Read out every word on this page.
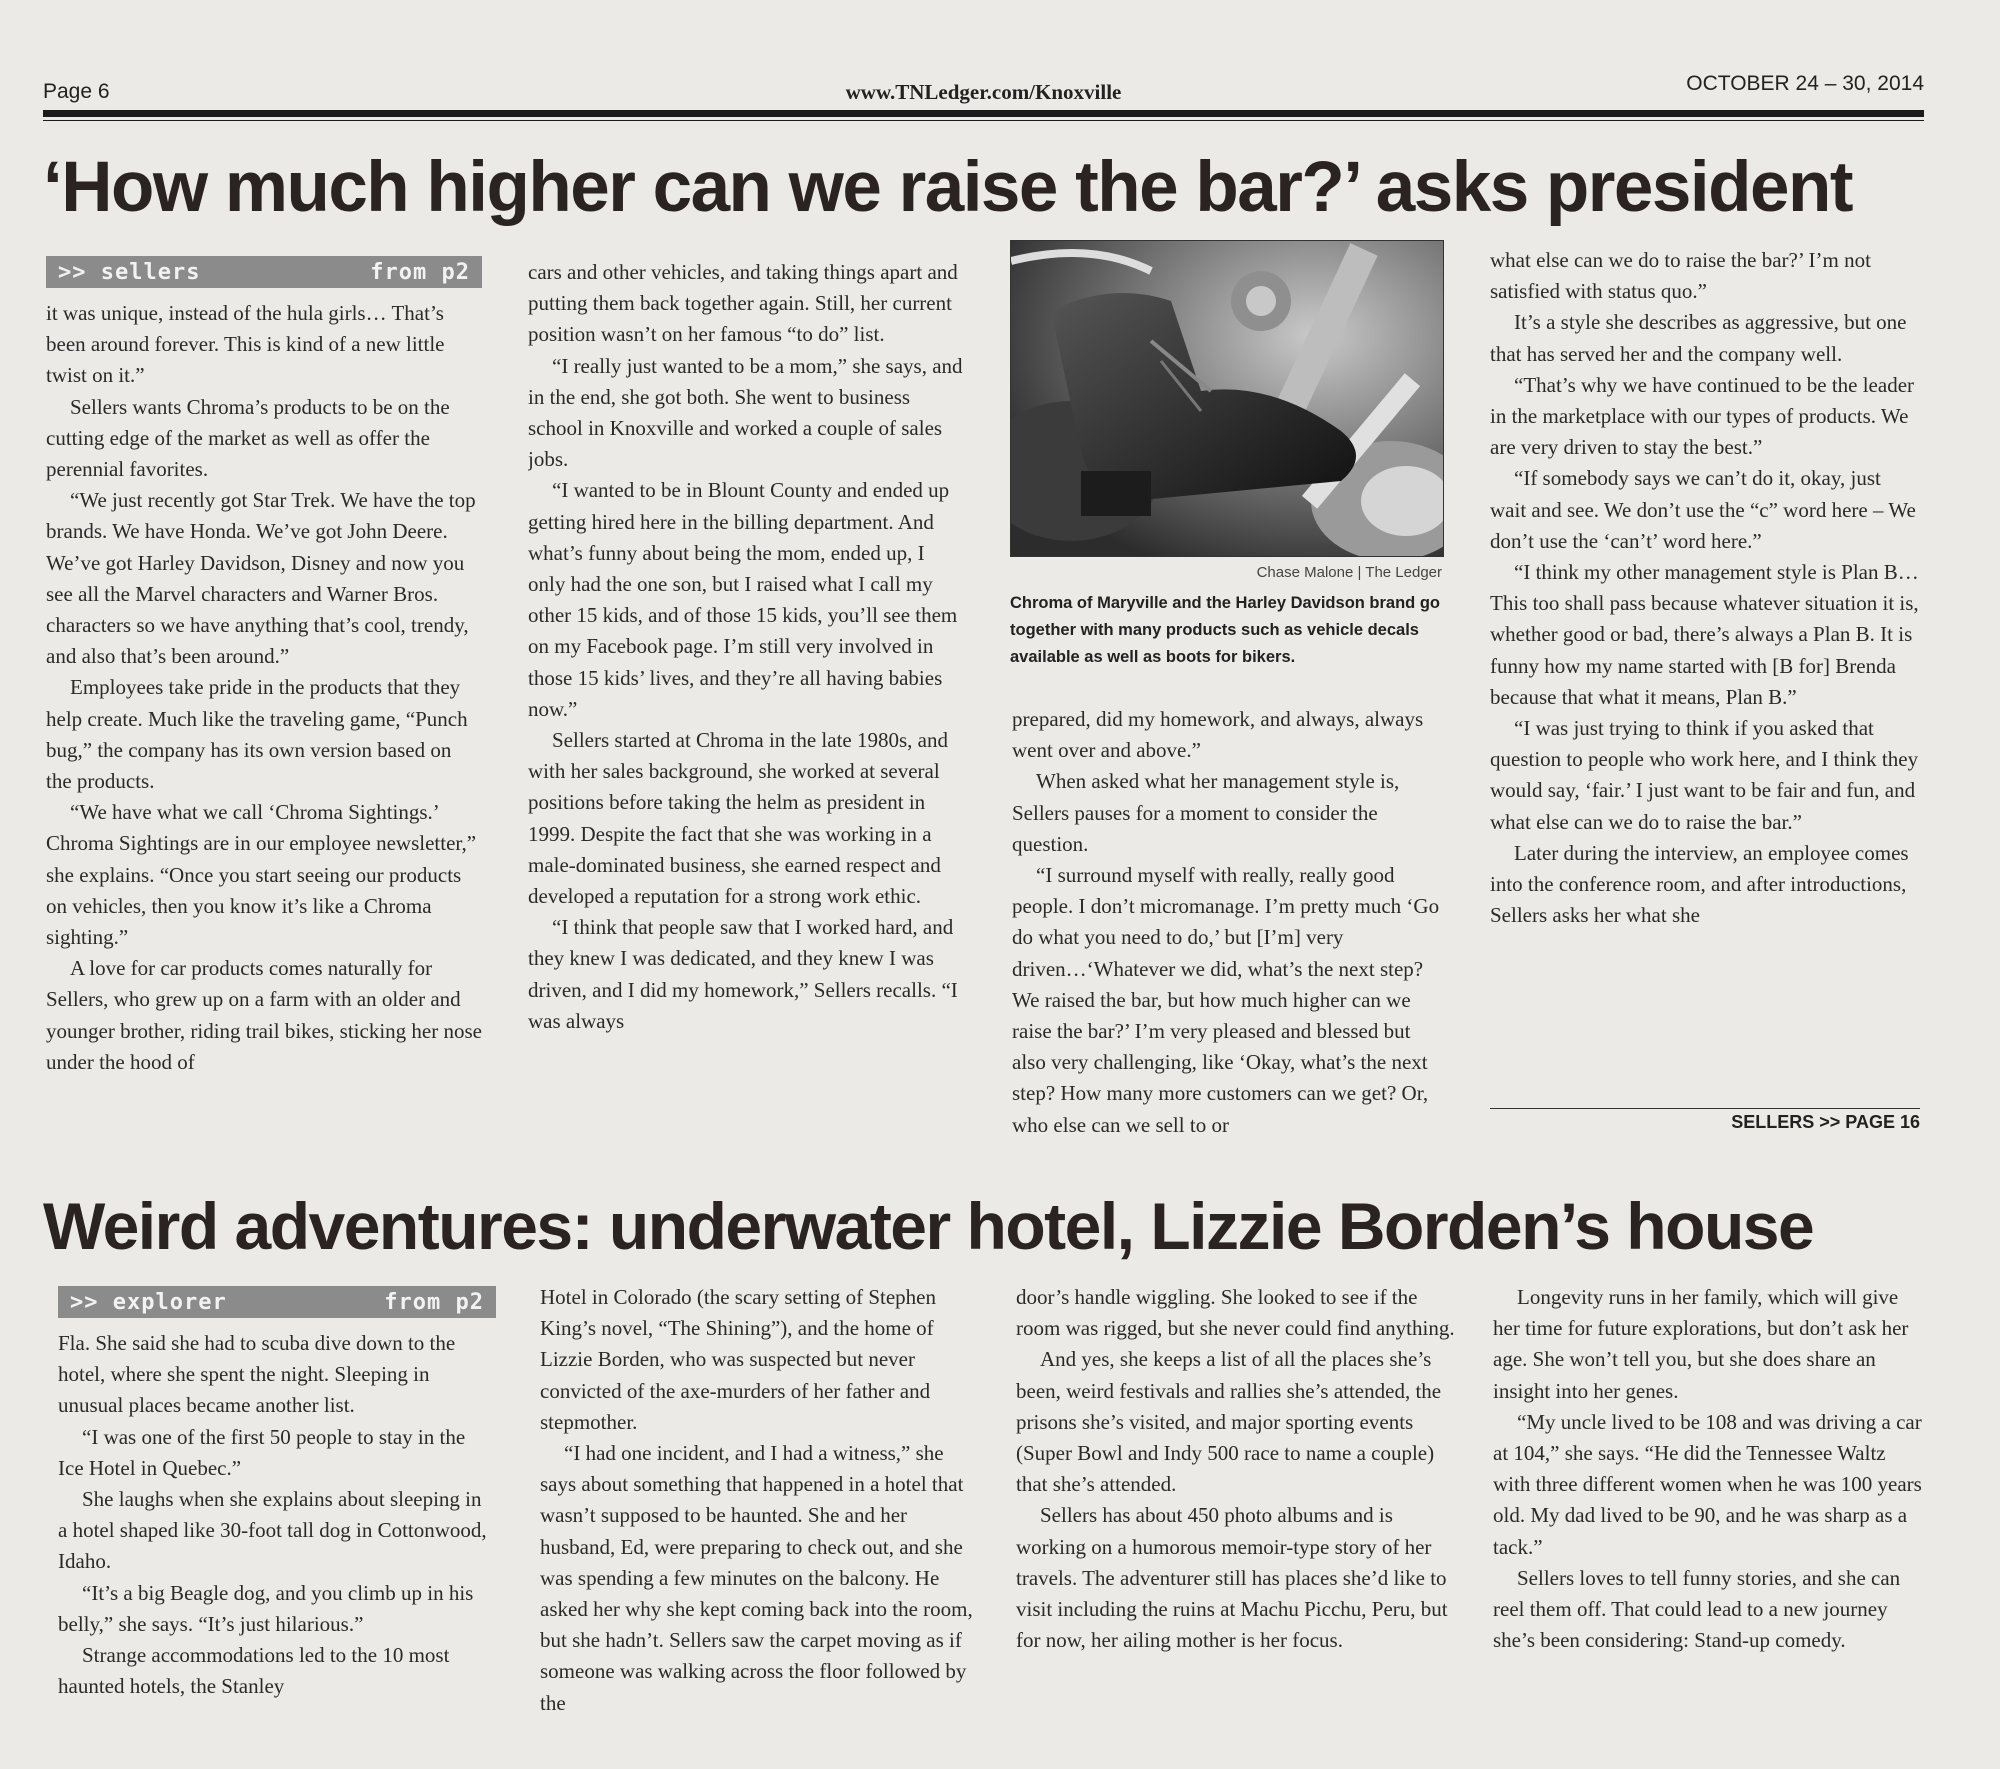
Page 6	www.TNLedger.com/Knoxville	OCTOBER 24 – 30, 2014
‘How much higher can we raise the bar?’ asks president
>> sellers	from p2

it was unique, instead of the hula girls… That’s been around forever. This is kind of a new little twist on it.”

Sellers wants Chroma’s products to be on the cutting edge of the market as well as offer the perennial favorites.

“We just recently got Star Trek. We have the top brands. We have Honda. We’ve got John Deere. We’ve got Harley Davidson, Disney and now you see all the Marvel characters and Warner Bros. characters so we have anything that’s cool, trendy, and also that’s been around.”

Employees take pride in the products that they help create. Much like the traveling game, “Punch bug,” the company has its own version based on the products.

“We have what we call ‘Chroma Sightings.’ Chroma Sightings are in our employee newsletter,” she explains. “Once you start seeing our products on vehicles, then you know it’s like a Chroma sighting.”

A love for car products comes naturally for Sellers, who grew up on a farm with an older and younger brother, riding trail bikes, sticking her nose under the hood of

cars and other vehicles, and taking things apart and putting them back together again. Still, her current position wasn’t on her famous “to do” list.

“I really just wanted to be a mom,” she says, and in the end, she got both. She went to business school in Knoxville and worked a couple of sales jobs.

“I wanted to be in Blount County and ended up getting hired here in the billing department. And what’s funny about being the mom, ended up, I only had the one son, but I raised what I call my other 15 kids, and of those 15 kids, you’ll see them on my Facebook page. I’m still very involved in those 15 kids’ lives, and they’re all having babies now.”

Sellers started at Chroma in the late 1980s, and with her sales background, she worked at several positions before taking the helm as president in 1999. Despite the fact that she was working in a male-dominated business, she earned respect and developed a reputation for a strong work ethic.

“I think that people saw that I worked hard, and they knew I was dedicated, and they knew I was driven, and I did my homework,” Sellers recalls. “I was always

Chase Malone | The Ledger
Chroma of Maryville and the Harley Davidson brand go together with many products such as vehicle decals available as well as boots for bikers.

prepared, did my homework, and always, always went over and above.”

When asked what her management style is, Sellers pauses for a moment to consider the question.

“I surround myself with really, really good people. I don’t micromanage. I’m pretty much ‘Go do what you need to do,’ but [I’m] very driven…‘Whatever we did, what’s the next step? We raised the bar, but how much higher can we raise the bar?’ I’m very pleased and blessed but also very challenging, like ‘Okay, what’s the next step? How many more customers can we get? Or, who else can we sell to or

what else can we do to raise the bar?’ I’m not satisfied with status quo.”

It’s a style she describes as aggressive, but one that has served her and the company well.

“That’s why we have continued to be the leader in the marketplace with our types of products. We are very driven to stay the best.”

“If somebody says we can’t do it, okay, just wait and see. We don’t use the “c” word here – We don’t use the ‘can’t’ word here.”

“I think my other management style is Plan B…This too shall pass because whatever situation it is, whether good or bad, there’s always a Plan B. It is funny how my name started with [B for] Brenda because that what it means, Plan B.”

“I was just trying to think if you asked that question to people who work here, and I think they would say, ‘fair.’ I just want to be fair and fun, and what else can we do to raise the bar.”

Later during the interview, an employee comes into the conference room, and after introductions, Sellers asks her what she

SELLERS >> PAGE 16
Weird adventures: underwater hotel, Lizzie Borden’s house
>> explorer	from p2

Fla. She said she had to scuba dive down to the hotel, where she spent the night. Sleeping in unusual places became another list.

“I was one of the first 50 people to stay in the Ice Hotel in Quebec.”

She laughs when she explains about sleeping in a hotel shaped like 30-foot tall dog in Cottonwood, Idaho.

“It’s a big Beagle dog, and you climb up in his belly,” she says. “It’s just hilarious.”

Strange accommodations led to the 10 most haunted hotels, the Stanley

Hotel in Colorado (the scary setting of Stephen King’s novel, “The Shining”), and the home of Lizzie Borden, who was suspected but never convicted of the axe-murders of her father and stepmother.

“I had one incident, and I had a witness,” she says about something that happened in a hotel that wasn’t supposed to be haunted. She and her husband, Ed, were preparing to check out, and she was spending a few minutes on the balcony. He asked her why she kept coming back into the room, but she hadn’t. Sellers saw the carpet moving as if someone was walking across the floor followed by the

door’s handle wiggling. She looked to see if the room was rigged, but she never could find anything.

And yes, she keeps a list of all the places she’s been, weird festivals and rallies she’s attended, the prisons she’s visited, and major sporting events (Super Bowl and Indy 500 race to name a couple) that she’s attended.

Sellers has about 450 photo albums and is working on a humorous memoir-type story of her travels. The adventurer still has places she’d like to visit including the ruins at Machu Picchu, Peru, but for now, her ailing mother is her focus.

Longevity runs in her family, which will give her time for future explorations, but don’t ask her age. She won’t tell you, but she does share an insight into her genes.

“My uncle lived to be 108 and was driving a car at 104,” she says. “He did the Tennessee Waltz with three different women when he was 100 years old. My dad lived to be 90, and he was sharp as a tack.”

Sellers loves to tell funny stories, and she can reel them off. That could lead to a new journey she’s been considering: Stand-up comedy.
